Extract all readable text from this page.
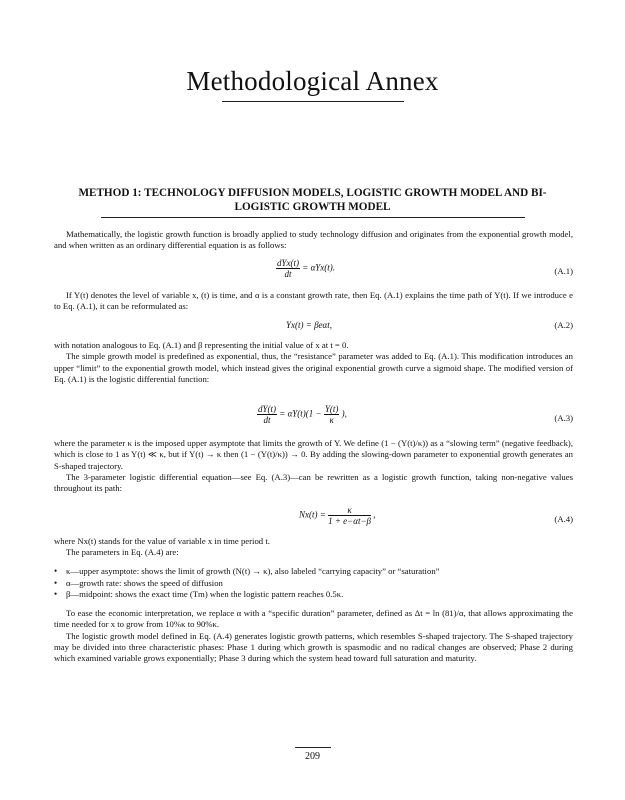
Methodological Annex
METHOD 1: TECHNOLOGY DIFFUSION MODELS, LOGISTIC GROWTH MODEL AND BI-LOGISTIC GROWTH MODEL

Mathematically, the logistic growth function is broadly applied to study technology diffusion and originates from the exponential growth model, and when written as an ordinary differential equation is as follows:

$\frac{\text{dYx(t)}}{dt} = \alpha Yx(t)$.	(A.1)

If Y(t) denotes the level of variable x, (t) is time, and α is a constant growth rate, then Eq. (A.1) explains the time path of Y(t). If we introduce e to Eq. (A.1), it can be reformulated as:

Yx(t) = βeαt,	(A.2)

with notation analogous to Eq. (A.1) and β representing the initial value of x at t = 0.

The simple growth model is predefined as exponential, thus, the “resistance” parameter was added to Eq. (A.1). This modification introduces an upper “limit” to the exponential growth model, which instead gives the original exponential growth curve a sigmoid shape. The modified version of Eq. (A.1) is the logistic differential function:

$\frac{dY(t)}{dt} = \alpha Y(t)(1 - \frac{Y(t)}{\kappa}$ ),	(A.3)

where the parameter κ is the imposed upper asymptote that limits the growth of Y. We define (1 − (Y(t)/κ)) as a “slowing term” (negative feedback), which is close to 1 as Y(t) ≪ κ, but if Y(t) → κ then (1 − (Y(t)/κ)) → 0. By adding the slowing-down parameter to exponential growth generates an S-shaped trajectory.

The 3-parameter logistic differential equation—see Eq. (A.3)—can be rewritten as a logistic growth function, taking non-negative values throughout its path:

$Nx(t) = \frac{\kappa}{1 + e-\alpha t-\beta}$ ,	(A.4)

where Nx(t) stands for the value of variable x in time period t.

The parameters in Eq. (A.4) are:

• κ—upper asymptote: shows the limit of growth (N(t) → κ), also labeled “carrying capacity” or “saturation”
• α—growth rate: shows the speed of diffusion
• β—midpoint: shows the exact time (Tm) when the logistic pattern reaches 0.5κ.

To ease the economic interpretation, we replace α with a “specific duration” parameter, defined as Δt = ln (81)/α, that allows approximating the time needed for x to grow from 10%κ to 90%κ.

The logistic growth model defined in Eq. (A.4) generates logistic growth patterns, which resembles S-shaped trajectory. The S-shaped trajectory may be divided into three characteristic phases: Phase 1 during which growth is spasmodic and no radical changes are observed; Phase 2 during which examined variable grows exponentially; Phase 3 during which the system head toward full saturation and maturity.

209
